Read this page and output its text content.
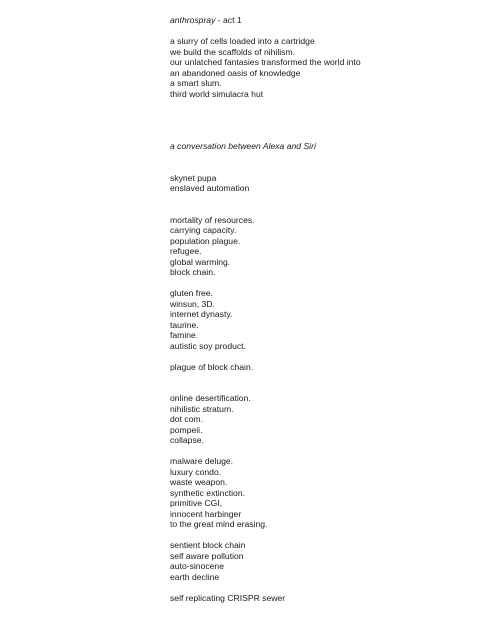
anthrospray - act 1
a slurry of cells loaded into a cartridge
we build the scaffolds of nihilism.
our unlatched fantasies transformed the world into
an abandoned oasis of knowledge
a smart slum.
third world simulacra hut
a conversation between Alexa and Siri
skynet pupa
enslaved automation
mortality of resources.
carrying capacity.
population plague.
refugee.
global warming.
block chain.
gluten free.
winsun, 3D.
internet dynasty.
taurine.
famine.
autistic soy product.
plague of block chain.
online desertification.
nihilistic stratum.
dot com.
pompeii.
collapse.
malware deluge.
luxury condo.
waste weapon.
synthetic extinction.
primitive CGI,
innocent harbinger
to the great mind erasing.
sentient block chain
self aware pollution
auto-sinocene
earth decline
self replicating CRISPR sewer
